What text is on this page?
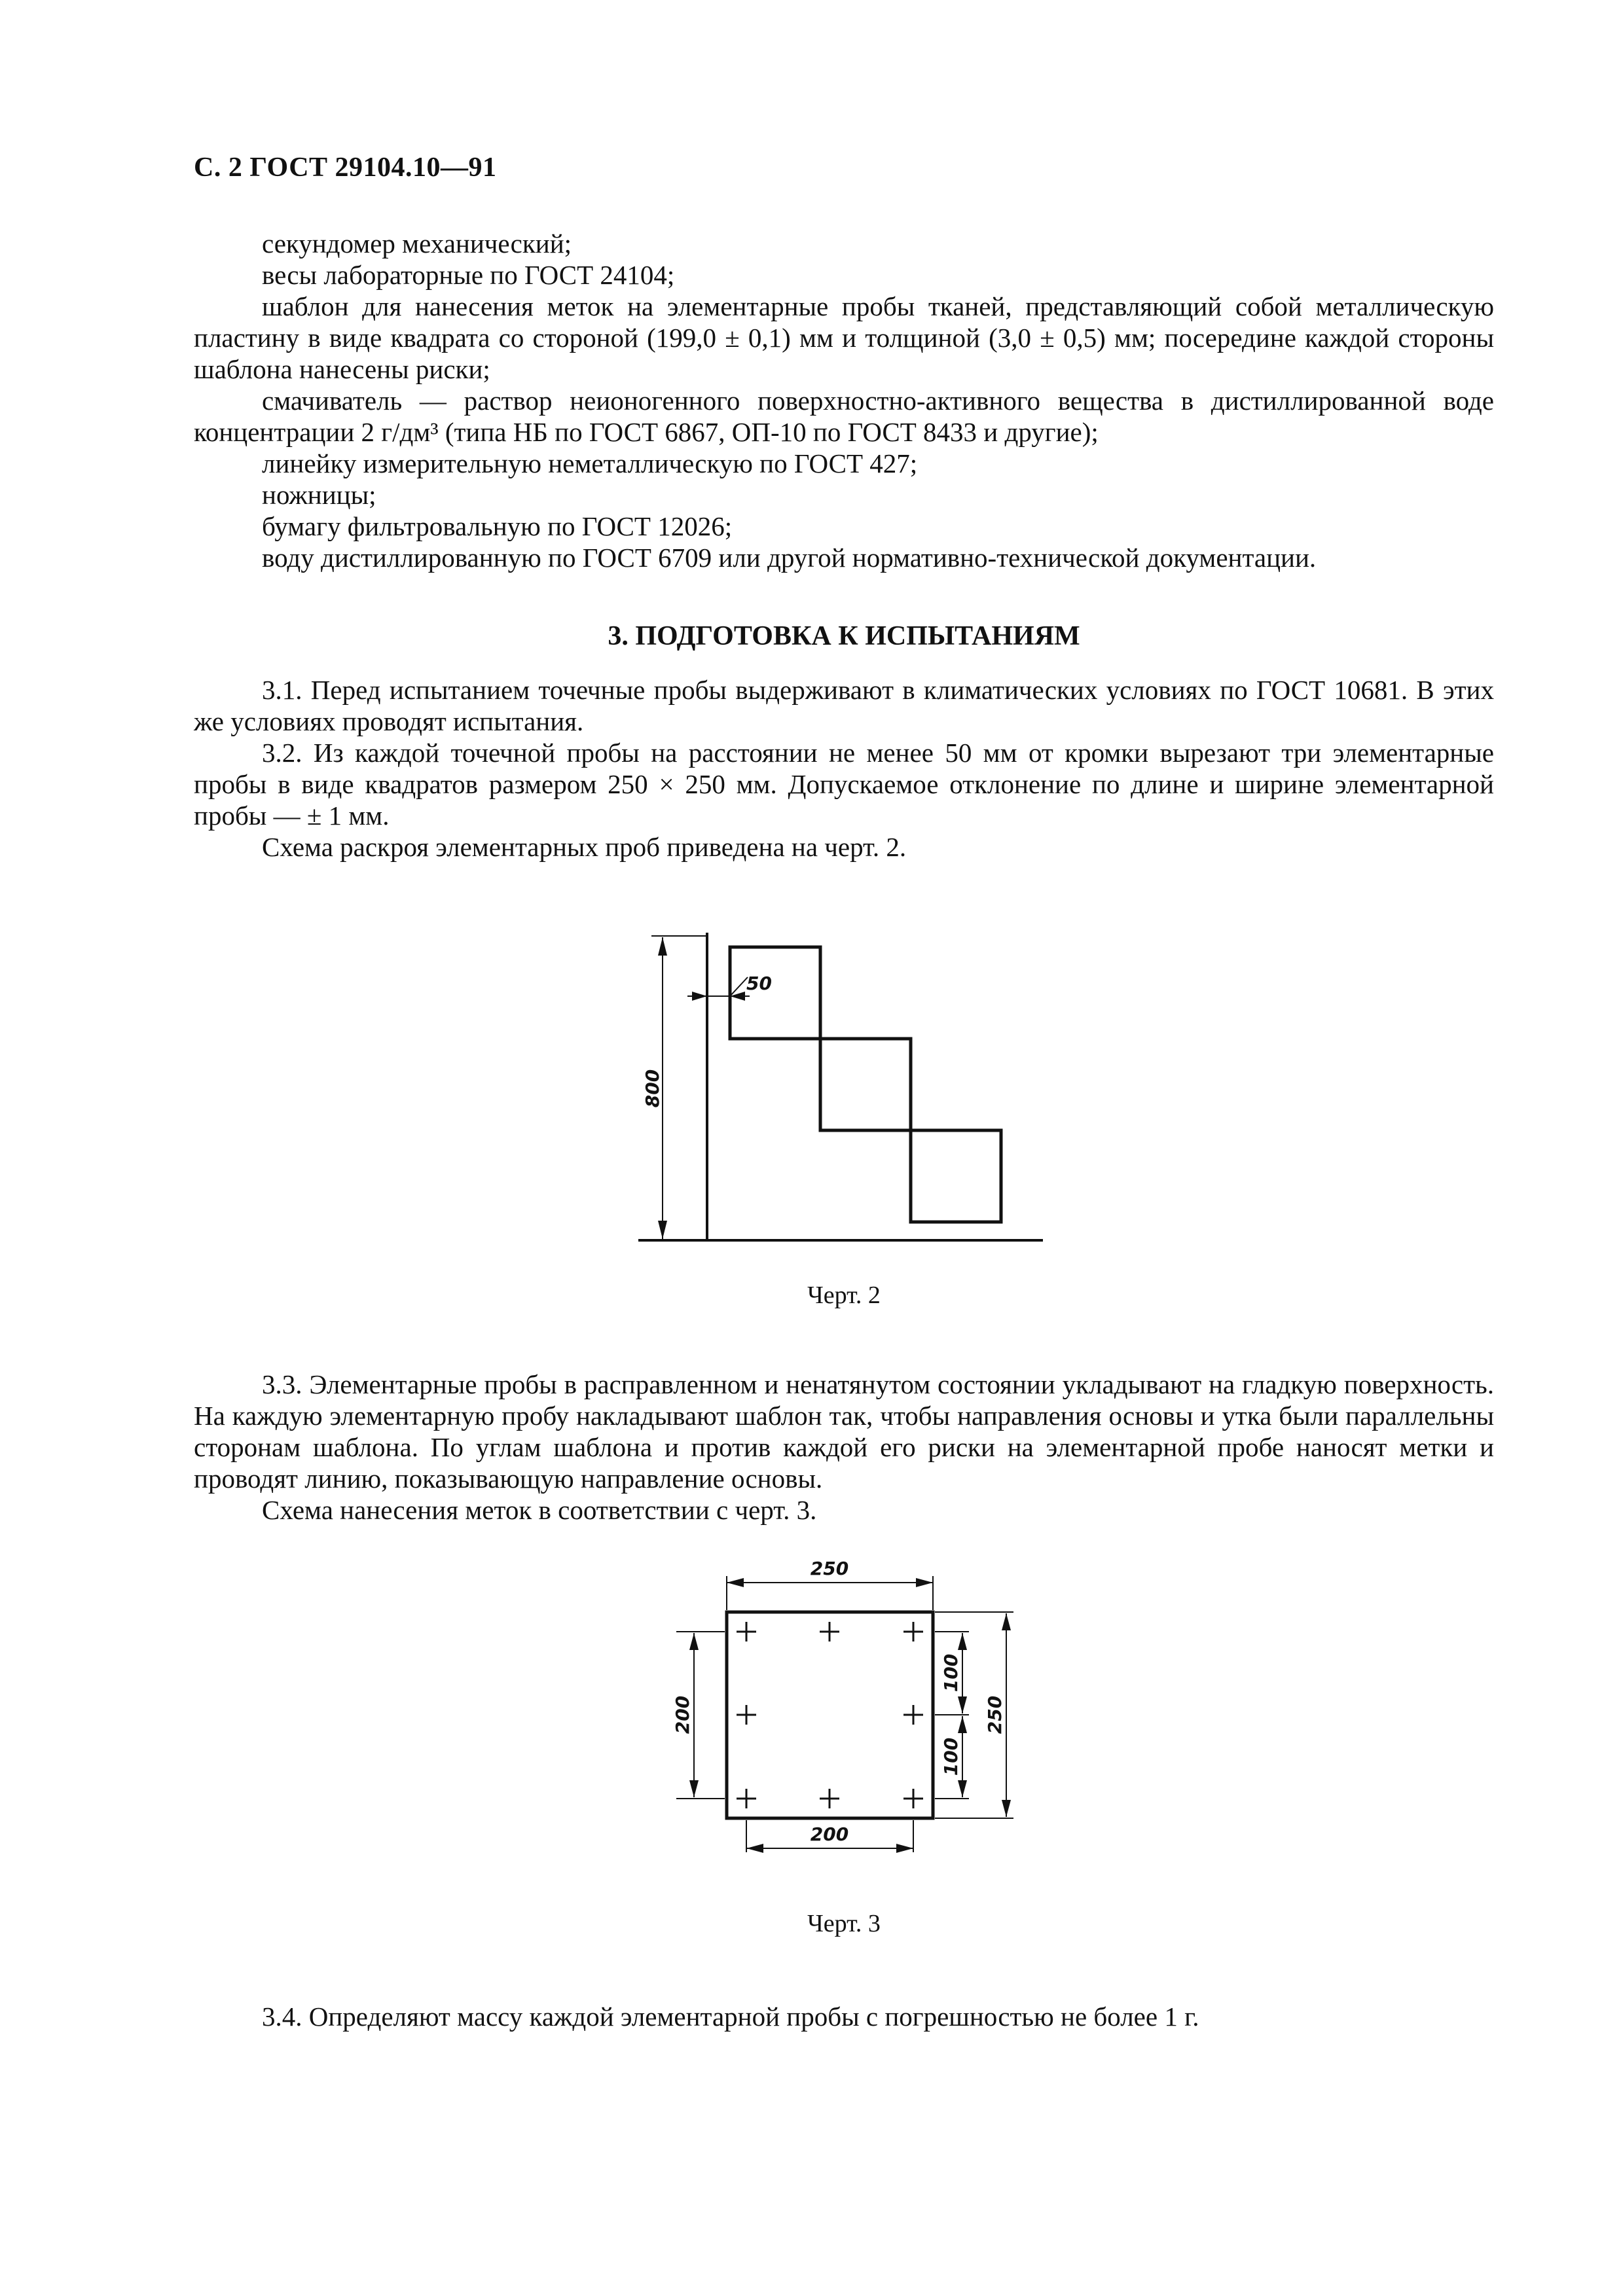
С. 2 ГОСТ 29104.10—91

секундомер механический;

весы лабораторные по ГОСТ 24104;

шаблон для нанесения меток на элементарные пробы тканей, представляющий собой металлическую пластину в виде квадрата со стороной (199,0 ± 0,1) мм и толщиной (3,0 ± 0,5) мм; посередине каждой стороны шаблона нанесены риски;

смачиватель — раствор неионогенного поверхностно-активного вещества в дистиллированной воде концентрации 2 г/дм³ (типа НБ по ГОСТ 6867, ОП-10 по ГОСТ 8433 и другие);

линейку измерительную неметаллическую по ГОСТ 427;

ножницы;

бумагу фильтровальную по ГОСТ 12026;

воду дистиллированную по ГОСТ 6709 или другой нормативно-технической документации.

3. ПОДГОТОВКА К ИСПЫТАНИЯМ

3.1. Перед испытанием точечные пробы выдерживают в климатических условиях по ГОСТ 10681. В этих же условиях проводят испытания.

3.2. Из каждой точечной пробы на расстоянии не менее 50 мм от кромки вырезают три элементарные пробы в виде квадратов размером 250 × 250 мм. Допускаемое отклонение по длине и ширине элементарной пробы — ± 1 мм.

Схема раскроя элементарных проб приведена на черт. 2.

50
800
Черт. 2

3.3. Элементарные пробы в расправленном и ненатянутом состоянии укладывают на гладкую поверхность. На каждую элементарную пробу накладывают шаблон так, чтобы направления основы и утка были параллельны сторонам шаблона. По углам шаблона и против каждой его риски на элементарной пробе наносят метки и проводят линию, показывающую направление основы.

Схема нанесения меток в соответствии с черт. 3.

250
200
200
100
100
250
Черт. 3

3.4. Определяют массу каждой элементарной пробы с погрешностью не более 1 г.
